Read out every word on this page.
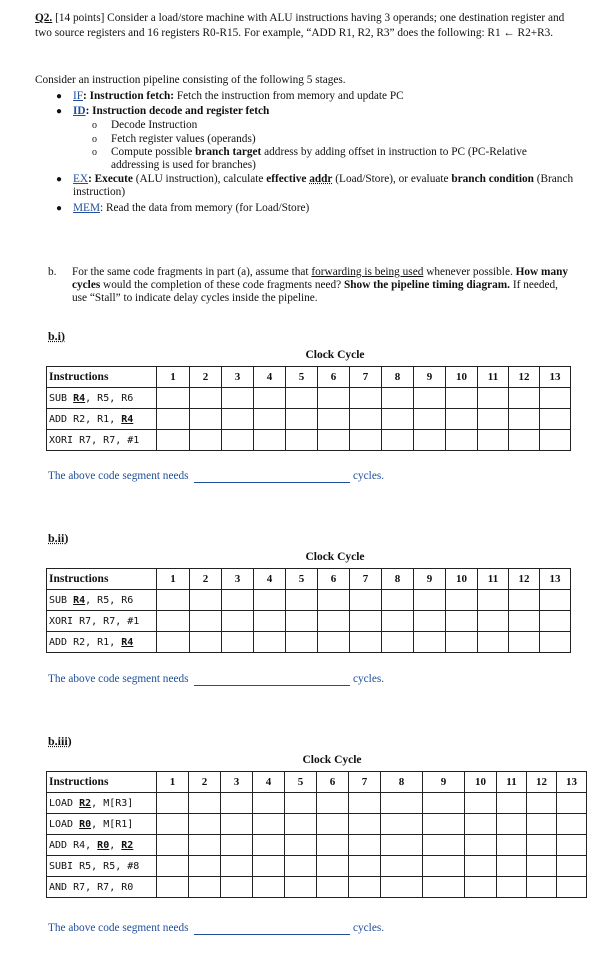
Q2. [14 points] Consider a load/store machine with ALU instructions having 3 operands; one destination register and two source registers and 16 registers R0-R15. For example, “ADD R1, R2, R3” does the following: R1 ← R2+R3.
Consider an instruction pipeline consisting of the following 5 stages.
● IF: Instruction fetch: Fetch the instruction from memory and update PC
● ID: Instruction decode and register fetch
o Decode Instruction
o Fetch register values (operands)
o Compute possible branch target address by adding offset in instruction to PC (PC-Relative addressing is used for branches)
● EX: Execute (ALU instruction), calculate effective addr (Load/Store), or evaluate branch condition (Branch instruction)
● MEM: Read the data from memory (for Load/Store)
b. For the same code fragments in part (a), assume that forwarding is being used whenever possible. How many cycles would the completion of these code fragments need? Show the pipeline timing diagram. If needed, use “Stall” to indicate delay cycles inside the pipeline.
b.i)
Clock Cycle
Instructions	1	2	3	4	5	6	7	8	9	10	11	12	13
SUB R4, R5, R6													
ADD R2, R1, R4													
XORI R7, R7, #1													
The above code segment needs	cycles.
b.ii)
Clock Cycle
Instructions	1	2	3	4	5	6	7	8	9	10	11	12	13
SUB R4, R5, R6													
XORI R7, R7, #1													
ADD R2, R1, R4													
The above code segment needs	cycles.
b.iii)
Clock Cycle
Instructions	1	2	3	4	5	6	7	8	9	10	11	12	13
LOAD R2, M[R3]													
LOAD R0, M[R1]													
ADD R4, R0, R2													
SUBI R5, R5, #8													
AND R7, R7, R0													
The above code segment needs	cycles.
